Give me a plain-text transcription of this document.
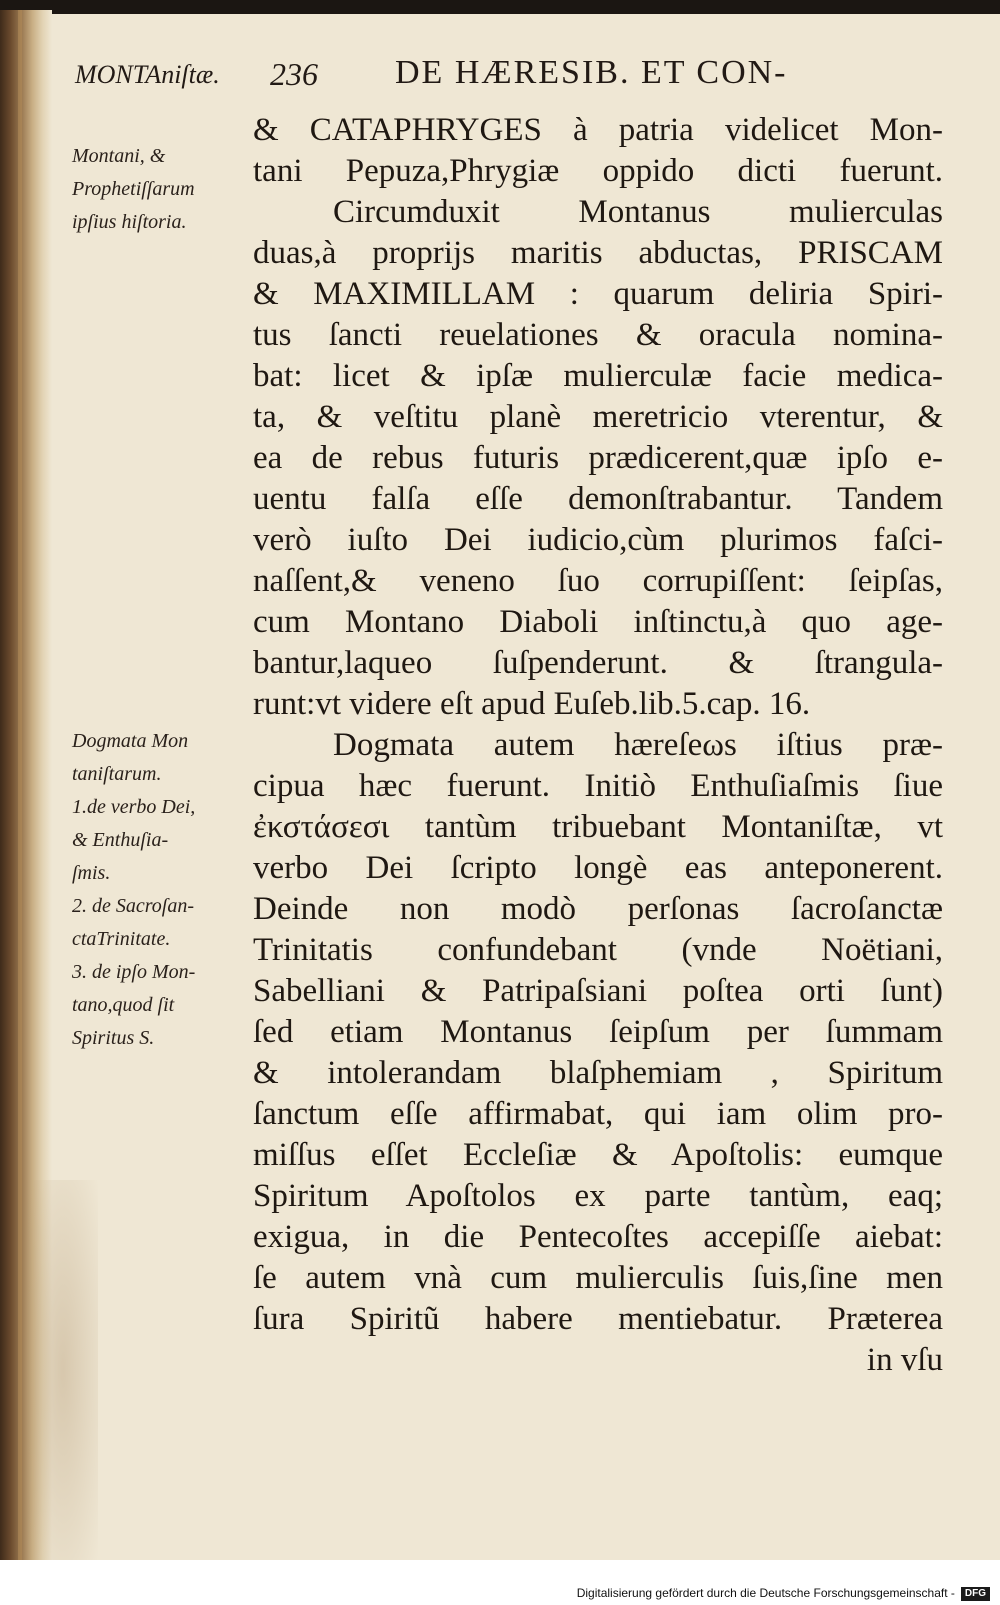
MONTAniſtæ. 236 DE HÆRESIB. ET CON-
Montani, &
Prophetiſſarum
ipſius hiſtoria.
Dogmata Mon
taniſtarum.
1.de verbo Dei,
& Enthuſia-
ſmis.
2. de Sacroſan-
ctaTrinitate.
3. de ipſo Mon-
tano,quod ſit
Spiritus S.
& CATAPHRYGES à patria videlicet Mon-
tani Pepuza,Phrygiæ oppido dicti fuerunt.
Circumduxit Montanus mulierculas
duas,à proprijs maritis abductas, PRISCAM
& MAXIMILLAM : quarum deliria Spiri-
tus ſancti reuelationes & oracula nomina-
bat: licet & ipſæ mulierculæ facie medica-
ta, & veſtitu planè meretricio vterentur, &
ea de rebus futuris prædicerent,quæ ipſo e-
uentu falſa eſſe demonſtrabantur. Tandem
verò iuſto Dei iudicio,cùm plurimos faſci-
naſſent,& veneno ſuo corrupiſſent: ſeipſas,
cum Montano Diaboli inſtinctu,à quo age-
bantur,laqueo ſuſpenderunt. & ſtrangula-
runt:vt videre eſt apud Euſeb.lib.5.cap. 16.
Dogmata autem hæreſeωs iſtius præ-
cipua hæc fuerunt. Initiò Enthuſiaſmis ſiue
ἐκστάσεσι tantùm tribuebant Montaniſtæ, vt
verbo Dei ſcripto longè eas anteponerent.
Deinde non modò perſonas ſacroſanctæ
Trinitatis confundebant (vnde Noëtiani,
Sabelliani & Patripaſsiani poſtea orti ſunt)
ſed etiam Montanus ſeipſum per ſummam
& intolerandam blaſphemiam , Spiritum
ſanctum eſſe affirmabat, qui iam olim pro-
miſſus eſſet Eccleſiæ & Apoſtolis: eumque
Spiritum Apoſtolos ex parte tantùm, eaq;
exigua, in die Pentecoſtes accepiſſe aiebat:
ſe autem vnà cum mulierculis ſuis,ſine men
ſura Spiritũ habere mentiebatur. Præterea
in vſu
Digitalisierung gefördert durch die Deutsche Forschungsgemeinschaft - DFG
